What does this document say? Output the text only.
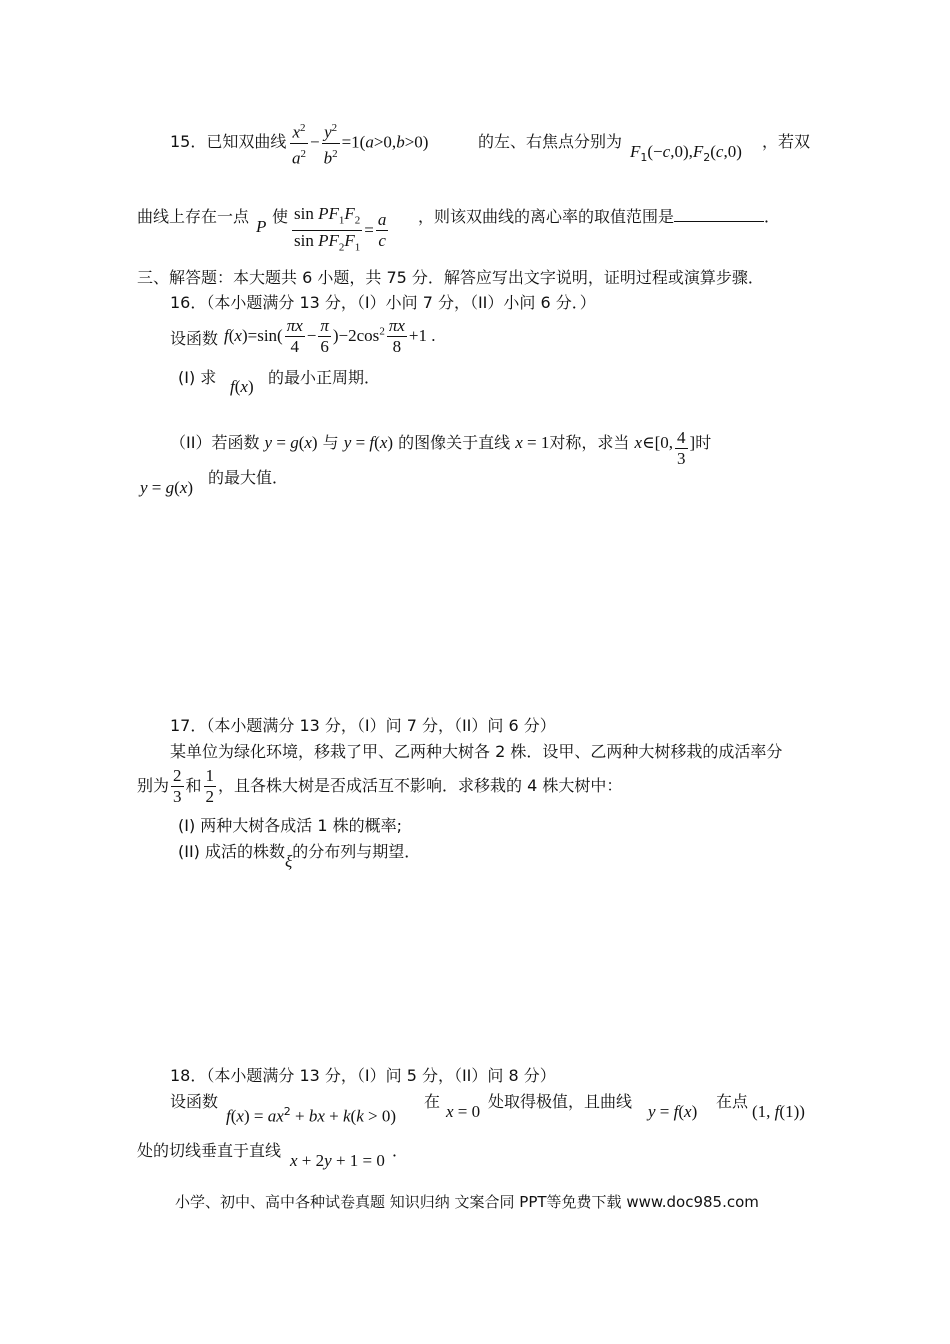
15．已知双曲线 $\frac{x^2}{a^2} - \frac{y^2}{b^2} =1(a>0,b>0)$	的左、右焦点分别为
$F_1(-c,0),F_2(c,0)$
，若双
曲线上存在一点
P
使 $\frac{\sin PF_1F_2}{\sin PF_2F_1} = \frac{a}{c}$ ，则该双曲线的离心率的取值范围是	．
三、解答题：本大题共 6 小题，共 75 分．解答应写出文字说明，证明过程或演算步骤．
16．（本小题满分 13 分，（I）小问 7 分，（II）小问 6 分．）
设函数 $f(x)=\sin( \frac{\pi x}{4} - \frac{\pi}{6} )-2\cos^2 \frac{\pi x}{8} +1$ .
(I) 求 f(x) 的最小正周期．
（II）若函数 y = g(x) 与 y = f(x) 的图像关于直线 x = 1对称，求当 x∈[0, $\frac{4}{3}$ ]时
y = g(x)
的最大值．
17．（本小题满分 13 分，（I）问 7 分，（II）问 6 分）
某单位为绿化环境，移栽了甲、乙两种大树各 2 株．设甲、乙两种大树移栽的成活率分
别为 $\frac{2}{3}$ 和 $\frac{1}{2}$ ，且各株大树是否成活互不影响．求移栽的 4 株大树中：
(I) 两种大树各成活 1 株的概率;
(II) 成活的株数ξ的分布列与期望．
18．（本小题满分 13 分，（I）问 5 分，（II）问 8 分）
设函数
$f(x) = ax^2$ + bx + k(k > 0)
在
x = 0
处取得极值，且曲线
y = f(x)
在点
(1, f(1))
处的切线垂直于直线
x + 2y + 1 = 0
．
小学、初中、高中各种试卷真题 知识归纳 文案合同 PPT等免费下载 www.doc985.com
